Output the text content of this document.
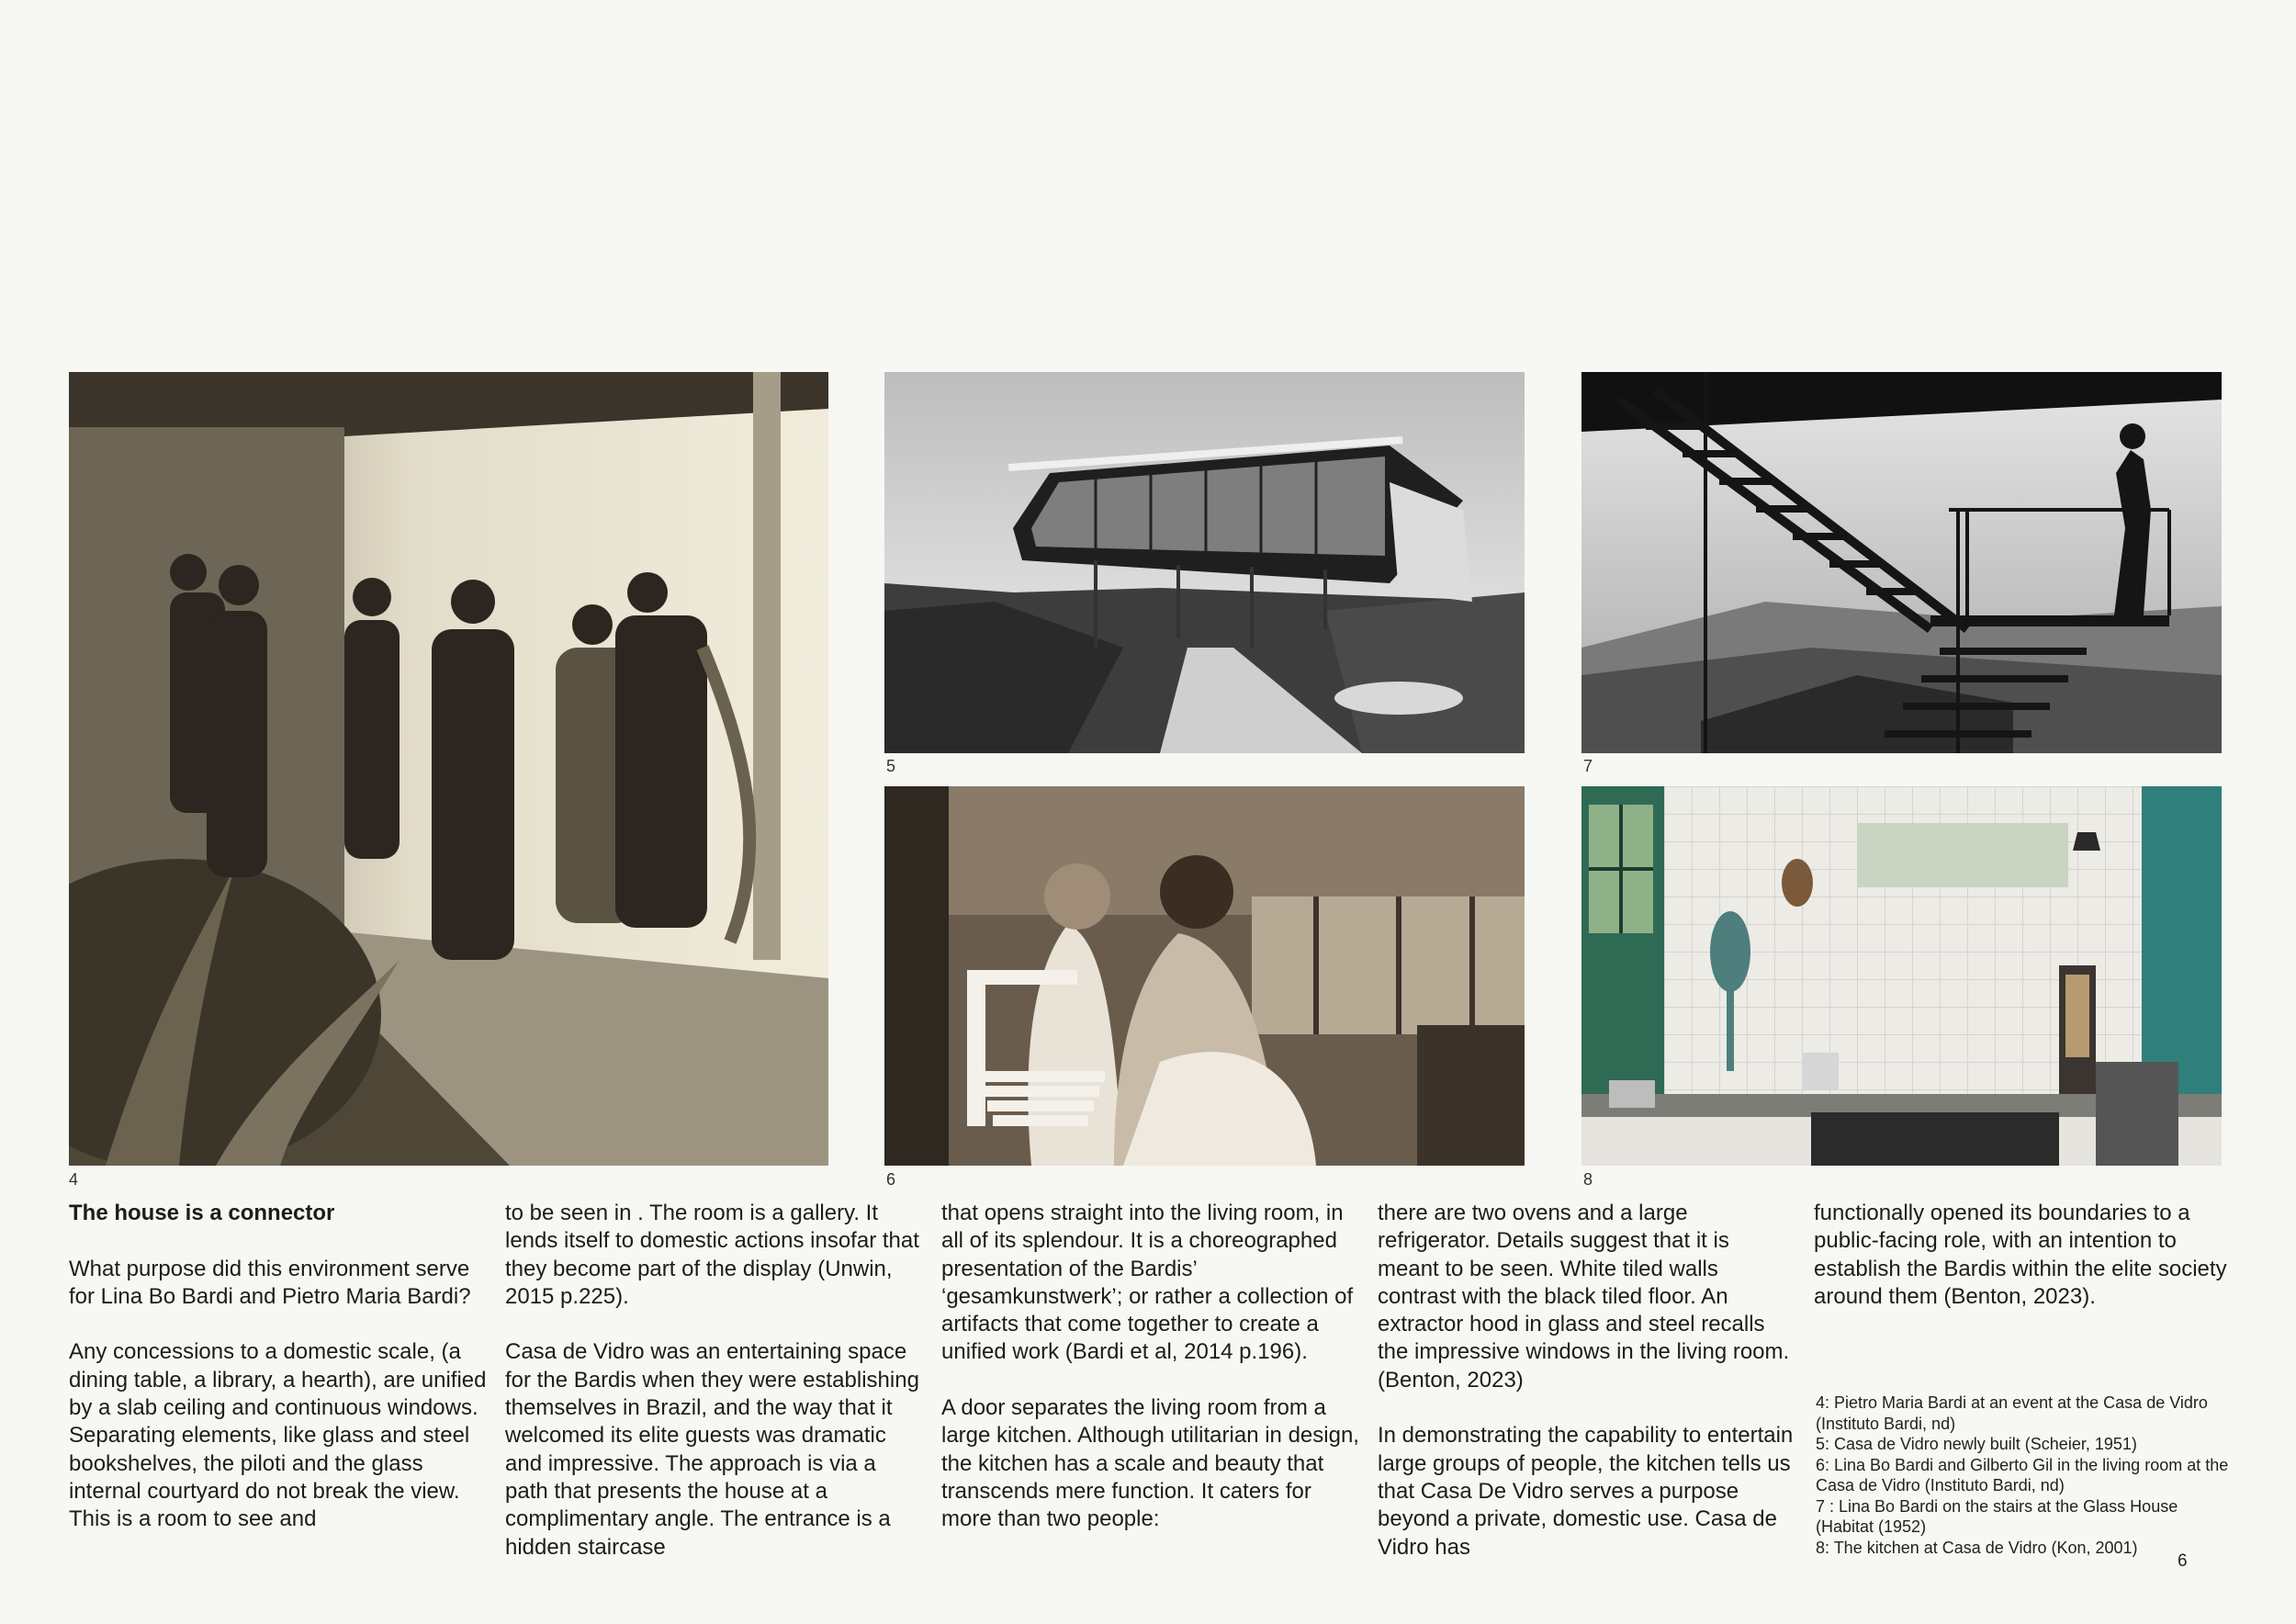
4
5
6
7
8
The house is a connector

What purpose did this environment serve for Lina Bo Bardi and Pietro Maria Bardi?

Any concessions to a domestic scale, (a dining table, a library, a hearth), are unified by a slab ceiling and continuous windows. Separating elements, like glass and steel bookshelves, the piloti and the glass internal courtyard do not break the view. This is a room to see and

to be seen in . The room is a gallery. It lends itself to domestic actions insofar that they become part of the display (Unwin, 2015 p.225).

Casa de Vidro was an entertaining space for the Bardis when they were establishing themselves in Brazil, and the way that it welcomed its elite guests was dramatic and impressive. The approach is via a path that presents the house at a complimentary angle. The entrance is a hidden staircase

that opens straight into the living room, in all of its splendour. It is a choreographed presentation of the Bardis’ ‘gesamkunstwerk’; or rather a collection of artifacts that come together to create a unified work (Bardi et al, 2014 p.196).

A door separates the living room from a large kitchen. Although utilitarian in design, the kitchen has a scale and beauty that transcends mere function. It caters for more than two people:

there are two ovens and a large refrigerator. Details suggest that it is meant to be seen. White tiled walls contrast with the black tiled floor. An extractor hood in glass and steel recalls the impressive windows in the living room. (Benton, 2023)

In demonstrating the capability to entertain large groups of people, the kitchen tells us that Casa De Vidro serves a purpose beyond a private, domestic use. Casa de Vidro has

functionally opened its boundaries to a public-facing role, with an intention to establish the Bardis within the elite society around them (Benton, 2023).

4: Pietro Maria Bardi at an event at the Casa de Vidro (Instituto Bardi, nd)
5: Casa de Vidro newly built (Scheier, 1951)
6: Lina Bo Bardi and Gilberto Gil in the living room at the Casa de Vidro (Instituto Bardi, nd)
7 : Lina Bo Bardi on the stairs at the Glass House (Habitat (1952)
8: The kitchen at Casa de Vidro (Kon, 2001)
6
